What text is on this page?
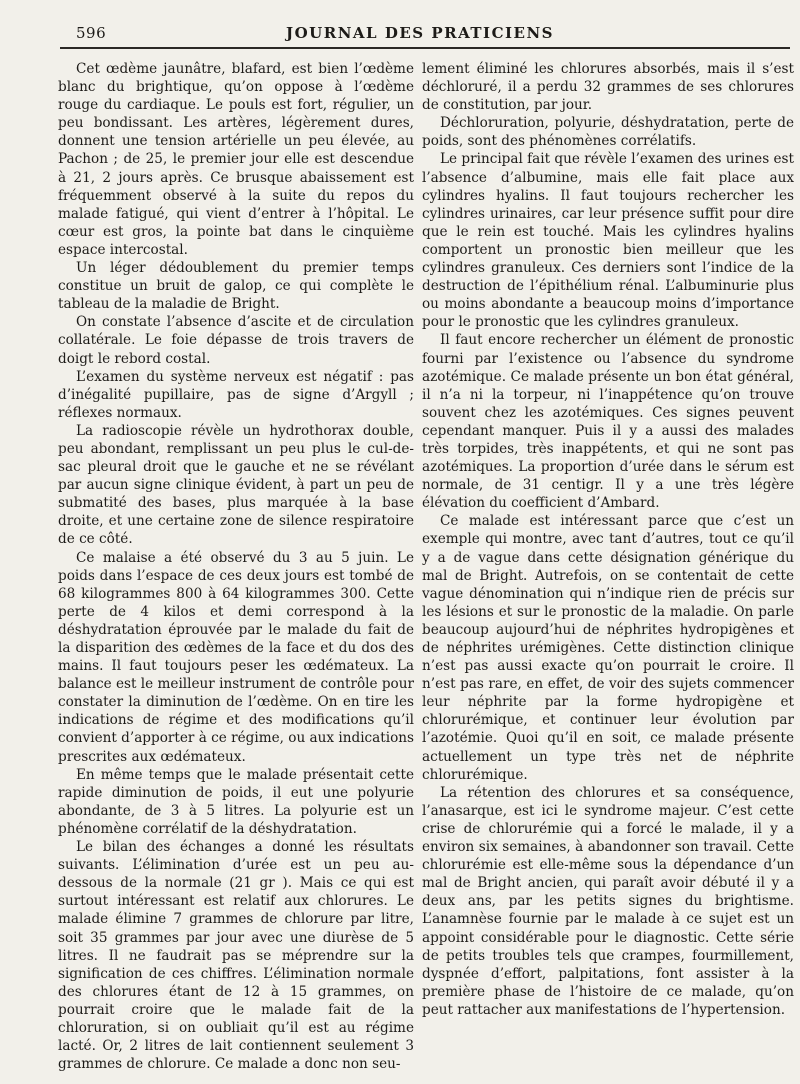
596	JOURNAL DES PRATICIENS

Cet œdème jaunâtre, blafard, est bien l’œdème blanc du brightique, qu’on oppose à l’œdème rouge du cardiaque. Le pouls est fort, régulier, un peu bondissant. Les artères, légèrement dures, donnent une tension artérielle un peu élevée, au Pachon ; de 25, le premier jour elle est descendue à 21, 2 jours après. Ce brusque abaissement est fréquemment observé à la suite du repos du malade fatigué, qui vient d’entrer à l’hôpital. Le cœur est gros, la pointe bat dans le cinquième espace intercostal.

Un léger dédoublement du premier temps constitue un bruit de galop, ce qui complète le tableau de la maladie de Bright.

On constate l’absence d’ascite et de circulation collatérale. Le foie dépasse de trois travers de doigt le rebord costal.

L’examen du système nerveux est négatif : pas d’inégalité pupillaire, pas de signe d’Argyll ; réflexes normaux.

La radioscopie révèle un hydrothorax double, peu abondant, remplissant un peu plus le cul-de-sac pleural droit que le gauche et ne se révélant par aucun signe clinique évident, à part un peu de submatité des bases, plus marquée à la base droite, et une certaine zone de silence respiratoire de ce côté.

Ce malaise a été observé du 3 au 5 juin. Le poids dans l’espace de ces deux jours est tombé de 68 kilogrammes 800 à 64 kilogrammes 300. Cette perte de 4 kilos et demi correspond à la déshydratation éprouvée par le malade du fait de la disparition des œdèmes de la face et du dos des mains. Il faut toujours peser les œdémateux. La balance est le meilleur instrument de contrôle pour constater la diminution de l’œdème. On en tire les indications de régime et des modifications qu’il convient d’apporter à ce régime, ou aux indications prescrites aux œdémateux.

En même temps que le malade présentait cette rapide diminution de poids, il eut une polyurie abondante, de 3 à 5 litres. La polyurie est un phénomène corrélatif de la déshydratation.

Le bilan des échanges a donné les résultats suivants. L’élimination d’urée est un peu au-dessous de la normale (21 gr ). Mais ce qui est surtout intéressant est relatif aux chlorures. Le malade élimine 7 grammes de chlorure par litre, soit 35 grammes par jour avec une diurèse de 5 litres. Il ne faudrait pas se méprendre sur la signification de ces chiffres. L’élimination normale des chlorures étant de 12 à 15 grammes, on pourrait croire que le malade fait de la chloruration, si on oubliait qu’il est au régime lacté. Or, 2 litres de lait contiennent seulement 3 grammes de chlorure. Ce malade a donc non seu-

lement éliminé les chlorures absorbés, mais il s’est déchloruré, il a perdu 32 grammes de ses chlorures de constitution, par jour.

Déchloruration, polyurie, déshydratation, perte de poids, sont des phénomènes corrélatifs.

Le principal fait que révèle l’examen des urines est l’absence d’albumine, mais elle fait place aux cylindres hyalins. Il faut toujours rechercher les cylindres urinaires, car leur présence suffit pour dire que le rein est touché. Mais les cylindres hyalins comportent un pronostic bien meilleur que les cylindres granuleux. Ces derniers sont l’indice de la destruction de l’épithélium rénal. L’albuminurie plus ou moins abondante a beaucoup moins d’importance pour le pronostic que les cylindres granuleux.

Il faut encore rechercher un élément de pronostic fourni par l’existence ou l’absence du syndrome azotémique. Ce malade présente un bon état général, il n’a ni la torpeur, ni l’inappétence qu’on trouve souvent chez les azotémiques. Ces signes peuvent cependant manquer. Puis il y a aussi des malades très torpides, très inappétents, et qui ne sont pas azotémiques. La proportion d’urée dans le sérum est normale, de 31 centigr. Il y a une très légère élévation du coefficient d’Ambard.

Ce malade est intéressant parce que c’est un exemple qui montre, avec tant d’autres, tout ce qu’il y a de vague dans cette désignation générique du mal de Bright. Autrefois, on se contentait de cette vague dénomination qui n’indique rien de précis sur les lésions et sur le pronostic de la maladie. On parle beaucoup aujourd’hui de néphrites hydropigènes et de néphrites urémigènes. Cette distinction clinique n’est pas aussi exacte qu’on pourrait le croire. Il n’est pas rare, en effet, de voir des sujets commencer leur néphrite par la forme hydropigène et chlorurémique, et continuer leur évolution par l’azotémie. Quoi qu’il en soit, ce malade présente actuellement un type très net de néphrite chlorurémique.

La rétention des chlorures et sa conséquence, l’anasarque, est ici le syndrome majeur. C’est cette crise de chlorurémie qui a forcé le malade, il y a environ six semaines, à abandonner son travail. Cette chlorurémie est elle-même sous la dépendance d’un mal de Bright ancien, qui paraît avoir débuté il y a deux ans, par les petits signes du brightisme. L’anamnèse fournie par le malade à ce sujet est un appoint considérable pour le diagnostic. Cette série de petits troubles tels que crampes, fourmillement, dyspnée d’effort, palpitations, font assister à la première phase de l’histoire de ce malade, qu’on peut rattacher aux manifestations de l’hypertension.
